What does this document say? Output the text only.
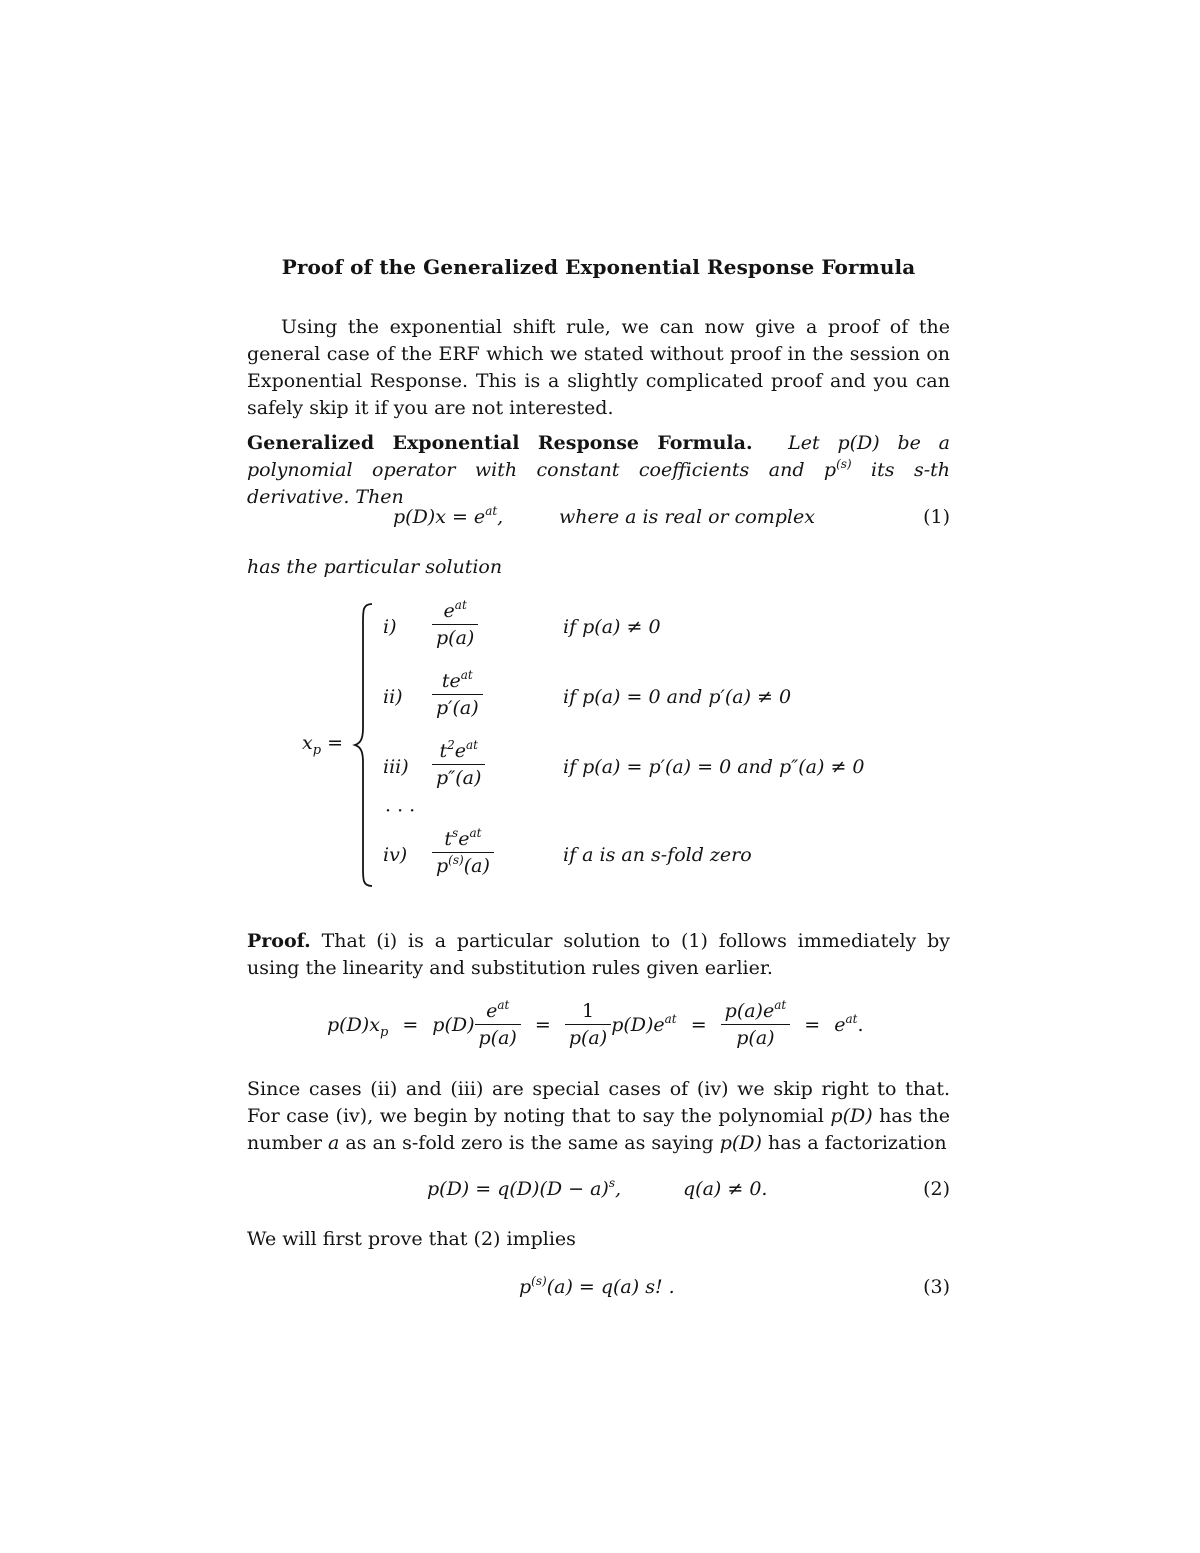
Proof of the Generalized Exponential Response Formula

Using the exponential shift rule, we can now give a proof of the general case of the ERF which we stated without proof in the session on Exponential Response. This is a slightly complicated proof and you can safely skip it if you are not interested.

Generalized Exponential Response Formula. Let p(D) be a polynomial operator with constant coefficients and $p^{(s)}$ its s-th derivative. Then

$p(D)x = e^{at}$,	where a is real or complex	(1)

has the particular solution

$x_p$ =
i)
$e^{at}$
p(a)	if p(a) ≠ 0
ii)
$te^{at}$
p′(a)	if p(a) = 0 and p′(a) ≠ 0
iii)
$t^2e^{at}$
p″(a)	if p(a) = p′(a) = 0 and p″(a) ≠ 0
· · ·
iv)
$t^se^{at}$
$p^{(s)}(a)$	if a is an s-fold zero

Proof. That (i) is a particular solution to (1) follows immediately by using the linearity and substitution rules given earlier.

$p(D)x_p = p(D) \frac{e^{at}}{p(a)} = \frac{1}{p(a)} p(D)e^{at} = \frac{p(a)e^{at}}{p(a)} = e^{at}$.

Since cases (ii) and (iii) are special cases of (iv) we skip right to that. For case (iv), we begin by noting that to say the polynomial p(D) has the number a as an s-fold zero is the same as saying p(D) has a factorization

$p(D) = q(D)(D - a)^s$,	q(a) ≠ 0.	(2)

We will first prove that (2) implies

$p^{(s)}(a) = q(a)$ s! .	(3)
